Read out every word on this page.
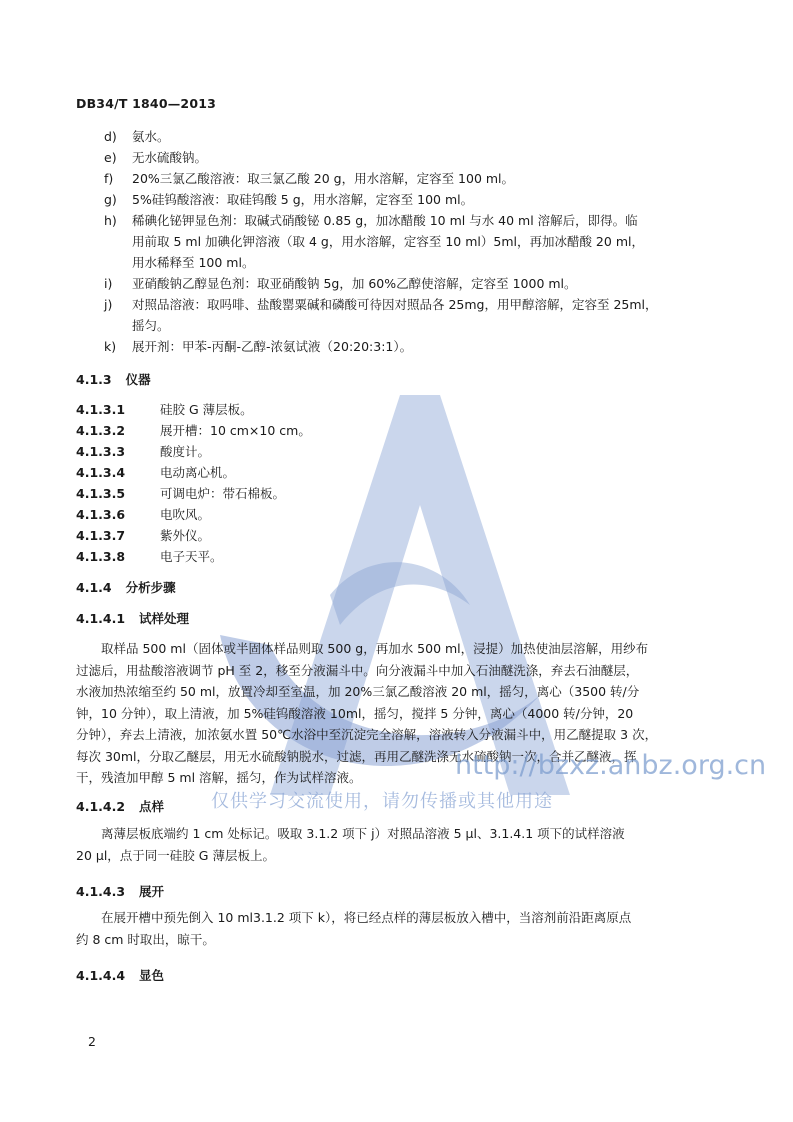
DB34/T 1840—2013
d) 氨水。
e) 无水硫酸钠。
f) 20%三氯乙酸溶液：取三氯乙酸 20 g，用水溶解，定容至 100 ml。
g) 5%硅钨酸溶液：取硅钨酸 5 g，用水溶解，定容至 100 ml。
h) 稀碘化铋钾显色剂：取碱式硝酸铋 0.85 g，加冰醋酸 10 ml 与水 40 ml 溶解后，即得。临
用前取 5 ml 加碘化钾溶液（取 4 g，用水溶解，定容至 10 ml）5ml，再加冰醋酸 20 ml，
用水稀释至 100 ml。
i) 亚硝酸钠乙醇显色剂：取亚硝酸钠 5g，加 60%乙醇使溶解，定容至 1000 ml。
j) 对照品溶液：取吗啡、盐酸罂粟碱和磷酸可待因对照品各 25mg，用甲醇溶解，定容至 25ml，
摇匀。
k) 展开剂：甲苯-丙酮-乙醇-浓氨试液（20:20:3:1）。
4.1.3 仪器
4.1.3.1	硅胶 G 薄层板。
4.1.3.2	展开槽：10 cm×10 cm。
4.1.3.3	酸度计。
4.1.3.4	电动离心机。
4.1.3.5	可调电炉：带石棉板。
4.1.3.6	电吹风。
4.1.3.7	紫外仪。
4.1.3.8	电子天平。
4.1.4 分析步骤
4.1.4.1 试样处理
　　取样品 500 ml（固体或半固体样品则取 500 g，再加水 500 ml，浸提）加热使油层溶解，用纱布
过滤后，用盐酸溶液调节 pH 至 2，移至分液漏斗中。向分液漏斗中加入石油醚洗涤，弃去石油醚层，
水液加热浓缩至约 50 ml，放置冷却至室温，加 20%三氯乙酸溶液 20 ml，摇匀，离心（3500 转/分
钟，10 分钟），取上清液，加 5%硅钨酸溶液 10ml，摇匀，搅拌 5 分钟，离心（4000 转/分钟，20
分钟），弃去上清液，加浓氨水置 50℃水浴中至沉淀完全溶解，溶液转入分液漏斗中，用乙醚提取 3 次，
每次 30ml，分取乙醚层，用无水硫酸钠脱水，过滤，再用乙醚洗涤无水硫酸钠一次，合并乙醚液，挥
干，残渣加甲醇 5 ml 溶解，摇匀，作为试样溶液。
4.1.4.2 点样
　　离薄层板底端约 1 cm 处标记。吸取 3.1.2 项下 j）对照品溶液 5 μl、3.1.4.1 项下的试样溶液
20 μl，点于同一硅胶 G 薄层板上。
4.1.4.3 展开
　　在展开槽中预先倒入 10 ml3.1.2 项下 k），将已经点样的薄层板放入槽中，当溶剂前沿距离原点
约 8 cm 时取出，晾干。
4.1.4.4 显色
http://bzxz.anbz.org.cn
仅供学习交流使用，请勿传播或其他用途
2
